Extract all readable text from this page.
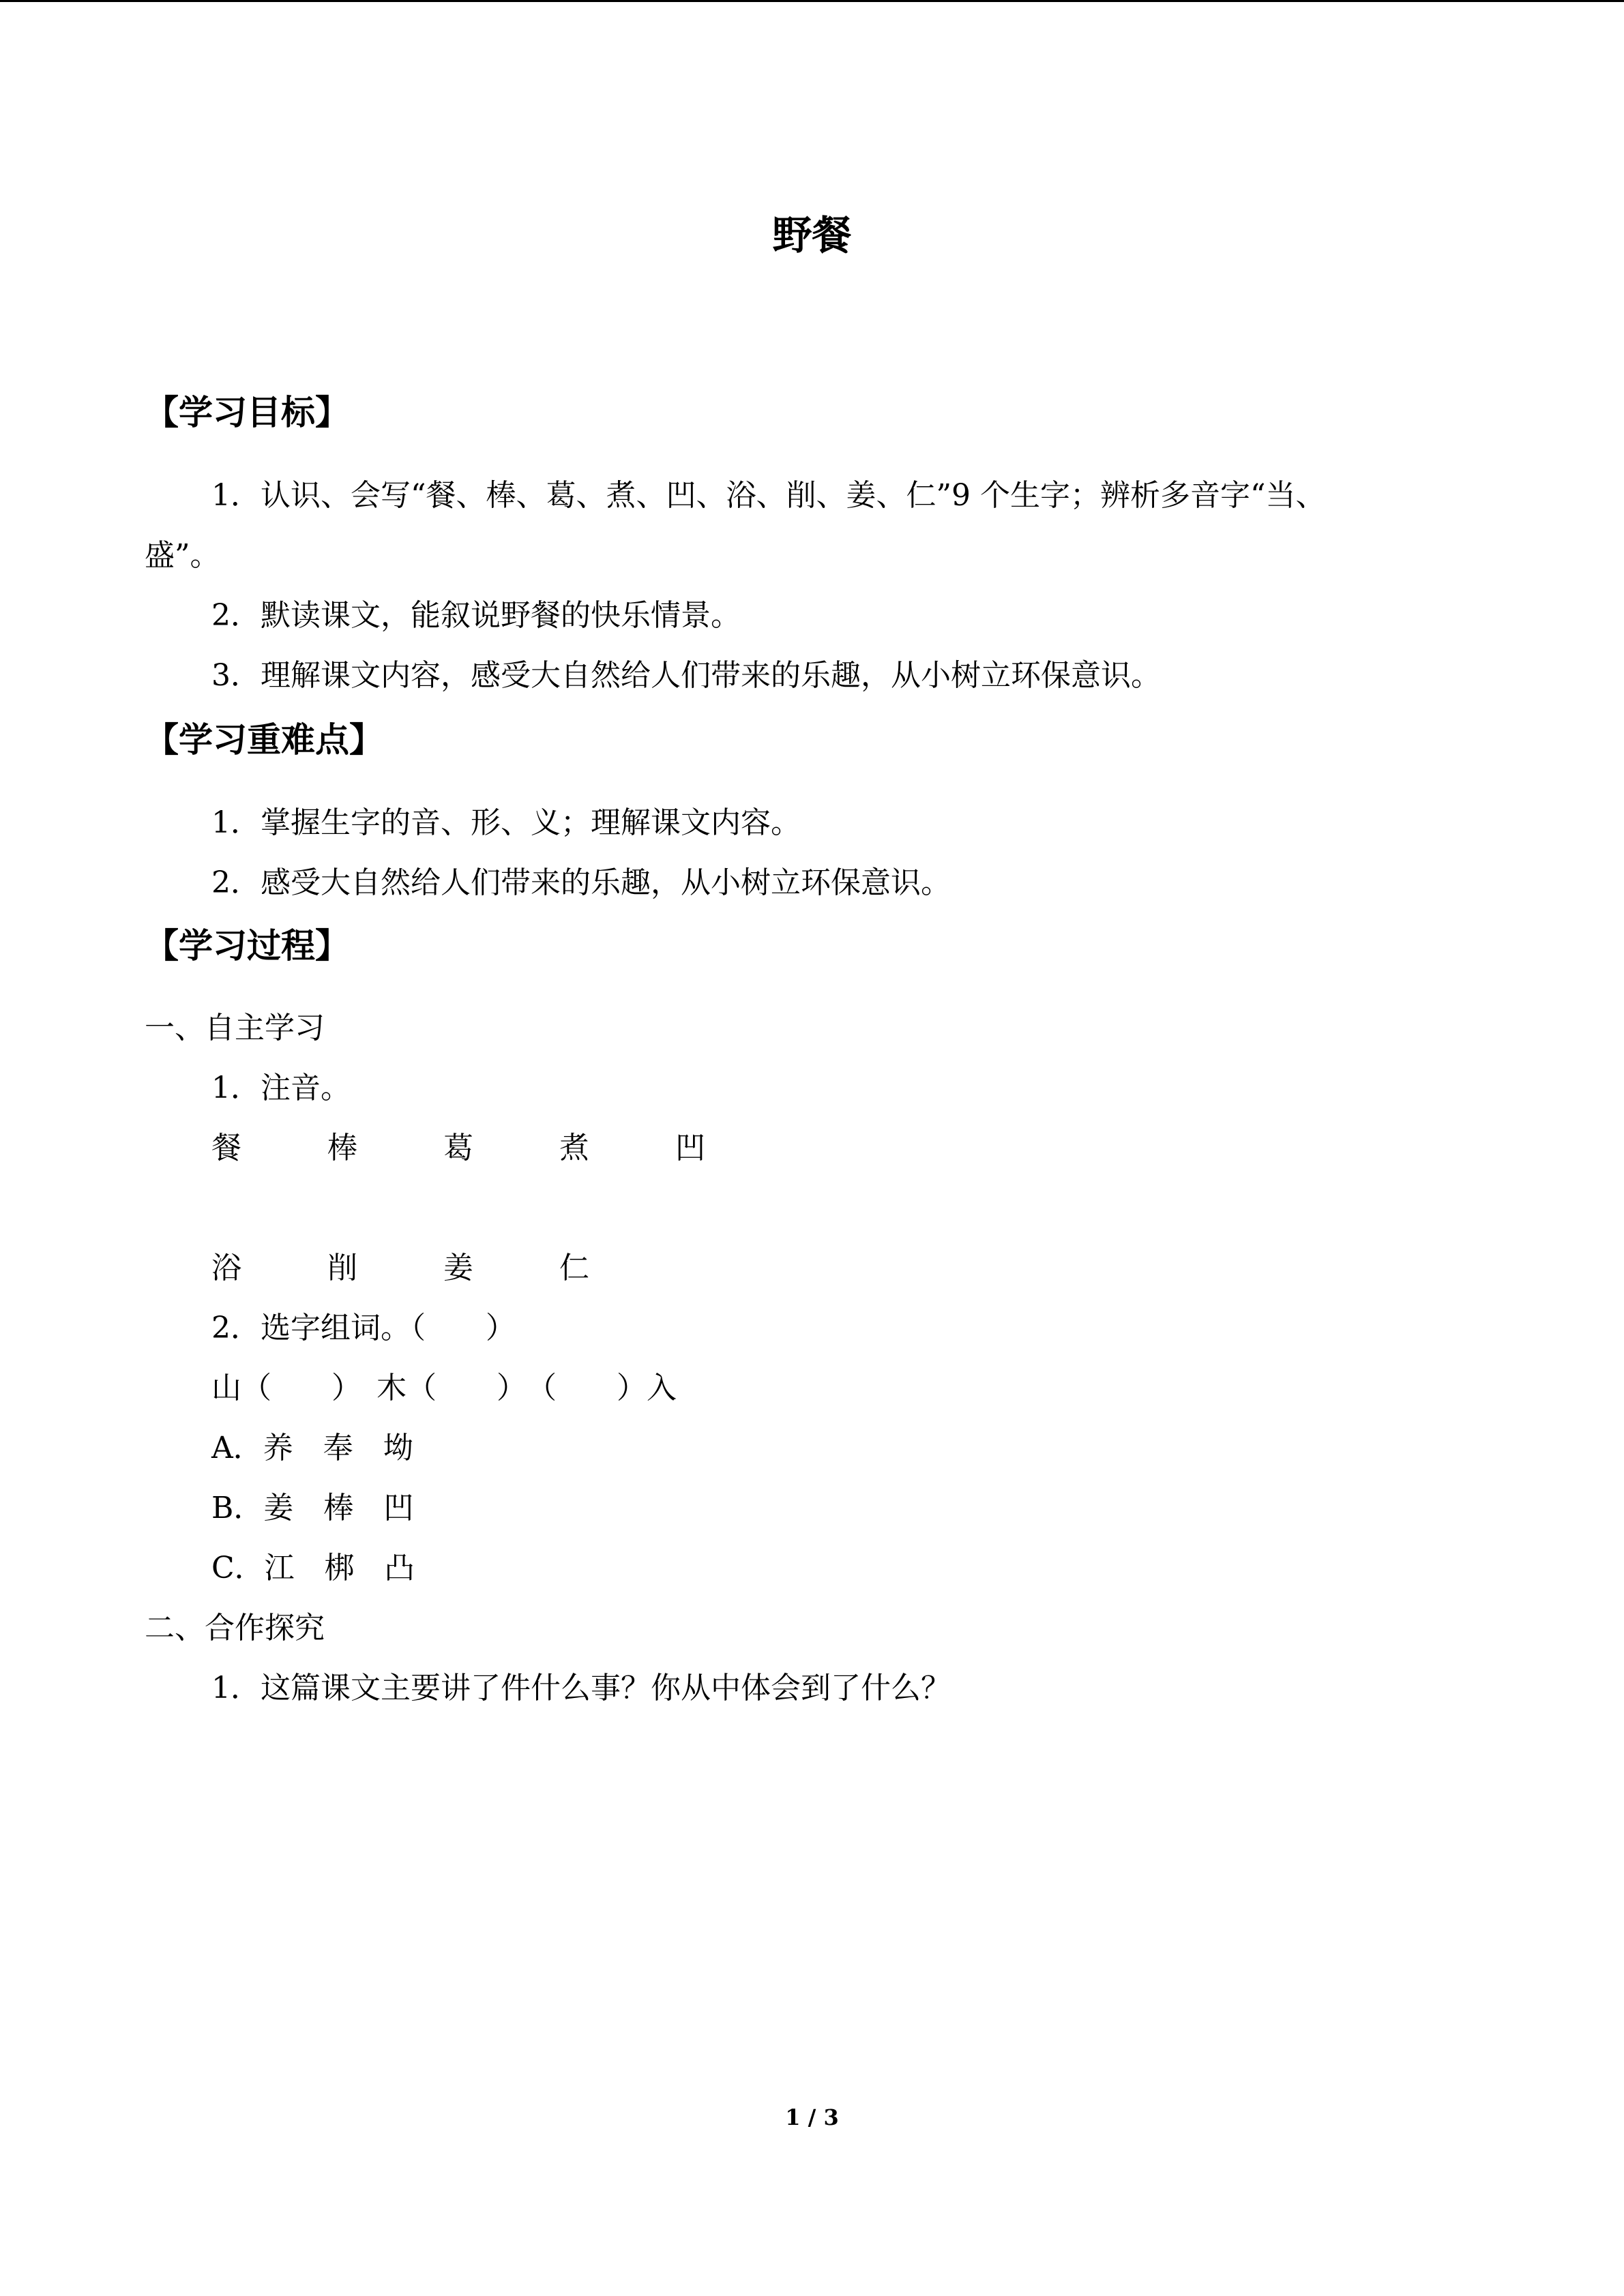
野餐
【学习目标】
1．认识、会写“餐、棒、葛、煮、凹、浴、削、姜、仁”9 个生字；辨析多音字“当、
盛”。
2．默读课文，能叙说野餐的快乐情景。
3．理解课文内容，感受大自然给人们带来的乐趣，从小树立环保意识。
【学习重难点】
1．掌握生字的音、形、义；理解课文内容。
2．感受大自然给人们带来的乐趣，从小树立环保意识。
【学习过程】
一、自主学习
1．注音。
餐	棒	葛	煮	凹
浴	削	姜	仁
2．选字组词。（　　）
山（　　）　木（　　）　（　　）入
A．养　奉　坳
B．姜　棒　凹
C．江　梆　凸
二、合作探究
1．这篇课文主要讲了件什么事？你从中体会到了什么？
1 / 3
